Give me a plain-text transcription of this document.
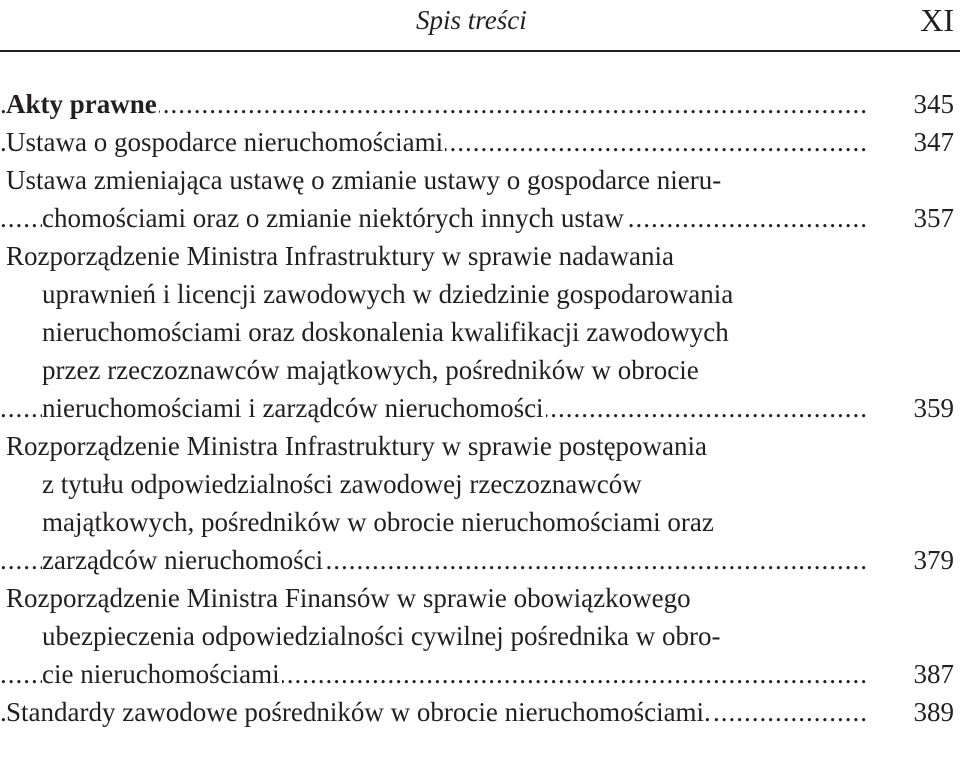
Spis treści	XI
.....
Akty prawne	345
.....
Ustawa o gospodarce nieruchomościami	347
Ustawa zmieniająca ustawę o zmianie ustawy o gospodarce nieru-
.....
chomościami oraz o zmianie niektórych innych ustaw	357
Rozporządzenie Ministra Infrastruktury w sprawie nadawania
uprawnień i licencji zawodowych w dziedzinie gospodarowania
nieruchomościami oraz doskonalenia kwalifikacji zawodowych
przez rzeczoznawców majątkowych, pośredników w obrocie
.....
nieruchomościami i zarządców nieruchomości	359
Rozporządzenie Ministra Infrastruktury w sprawie postępowania
z tytułu odpowiedzialności zawodowej rzeczoznawców
majątkowych, pośredników w obrocie nieruchomościami oraz
.....
zarządców nieruchomości	379
Rozporządzenie Ministra Finansów w sprawie obowiązkowego
ubezpieczenia odpowiedzialności cywilnej pośrednika w obro-
.....
cie nieruchomościami	387
.....
Standardy zawodowe pośredników w obrocie nieruchomościami.	389
